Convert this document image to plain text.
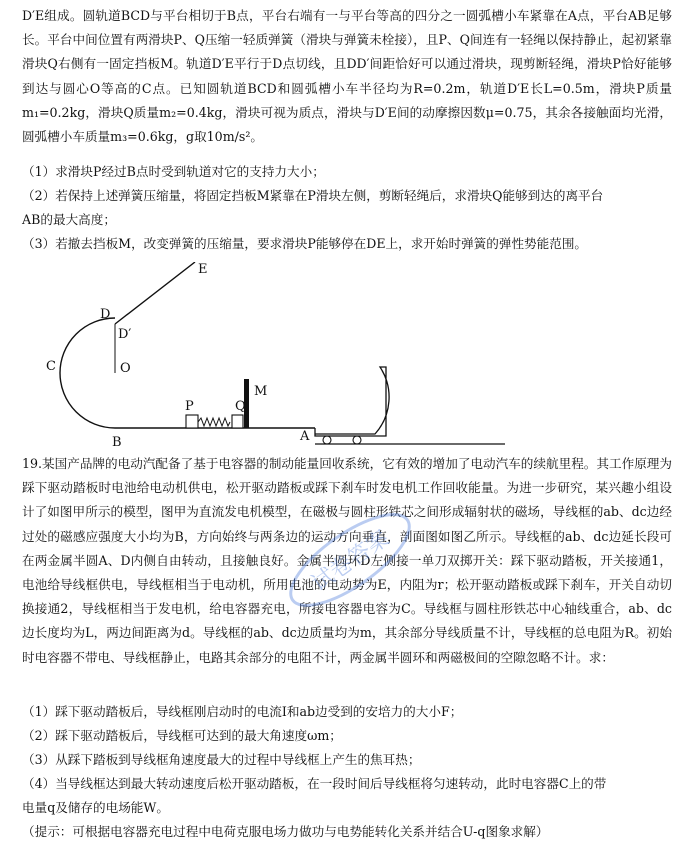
D′E组成。圆轨道BCD与平台相切于B点，平台右端有一与平台等高的四分之一圆弧槽小车紧靠在A点，平台AB足够长。平台中间位置有两滑块P、Q压缩一轻质弹簧（滑块与弹簧未栓接），且P、Q间连有一轻绳以保持静止，起初紧靠滑块Q右侧有一固定挡板M。轨道D′E平行于D点切线，且DD′间距恰好可以通过滑块，现剪断轻绳，滑块P恰好能够到达与圆心O等高的C点。已知圆轨道BCD和圆弧槽小车半径均为R=0.2m，轨道D′E长L=0.5m，滑块P质量m₁=0.2kg，滑块Q质量m₂=0.4kg，滑块可视为质点，滑块与D′E间的动摩擦因数μ=0.75，其余各接触面均光滑，圆弧槽小车质量m₃=0.6kg，g取10m/s²。
（1）求滑块P经过B点时受到轨道对它的支持力大小；
（2）若保持上述弹簧压缩量，将固定挡板M紧靠在P滑块左侧，剪断轻绳后，求滑块Q能够到达的离平台
AB的最大高度；
（3）若撤去挡板M，改变弹簧的压缩量，要求滑块P能够停在DE上，求开始时弹簧的弹性势能范围。
E
D
D′
C	O
M
P	Q
B	A
19.某国产品牌的电动汽配备了基于电容器的制动能量回收系统，它有效的增加了电动汽车的续航里程。其工作原理为踩下驱动踏板时电池给电动机供电，松开驱动踏板或踩下刹车时发电机工作回收能量。为进一步研究，某兴趣小组设计了如图甲所示的模型，图甲为直流发电机模型，在磁极与圆柱形铁芯之间形成辐射状的磁场，导线框的ab、dc边经过处的磁感应强度大小均为B，方向始终与两条边的运动方向垂直，剖面图如图乙所示。导线框的ab、dc边延长段可在两金属半圆A、D内侧自由转动，且接触良好。金属半圆环D左侧接一单刀双掷开关：踩下驱动踏板，开关接通1，电池给导线框供电，导线框相当于电动机，所用电池的电动势为E，内阻为r；松开驱动踏板或踩下刹车，开关自动切换接通2，导线框相当于发电机，给电容器充电，所接电容器电容为C。导线框与圆柱形铁芯中心轴线重合，ab、dc边长度均为L，两边间距离为d。导线框的ab、dc边质量均为m，其余部分导线质量不计，导线框的总电阻为R。初始时电容器不带电、导线框静止，电路其余部分的电阻不计，两金属半圆环和两磁极间的空隙忽略不计。求：
（1）踩下驱动踏板后，导线框刚启动时的电流I和ab边受到的安培力的大小F；
（2）踩下驱动踏板后，导线框可达到的最大角速度ωm；
（3）从踩下踏板到导线框角速度最大的过程中导线框上产生的焦耳热；
（4）当导线框达到最大转动速度后松开驱动踏板，在一段时间后导线框将匀速转动，此时电容器C上的带
电量q及储存的电场能W。
（提示：可根据电容器充电过程中电荷克服电场力做功与电势能转化关系并结合U-q图象求解）
试卷答案
